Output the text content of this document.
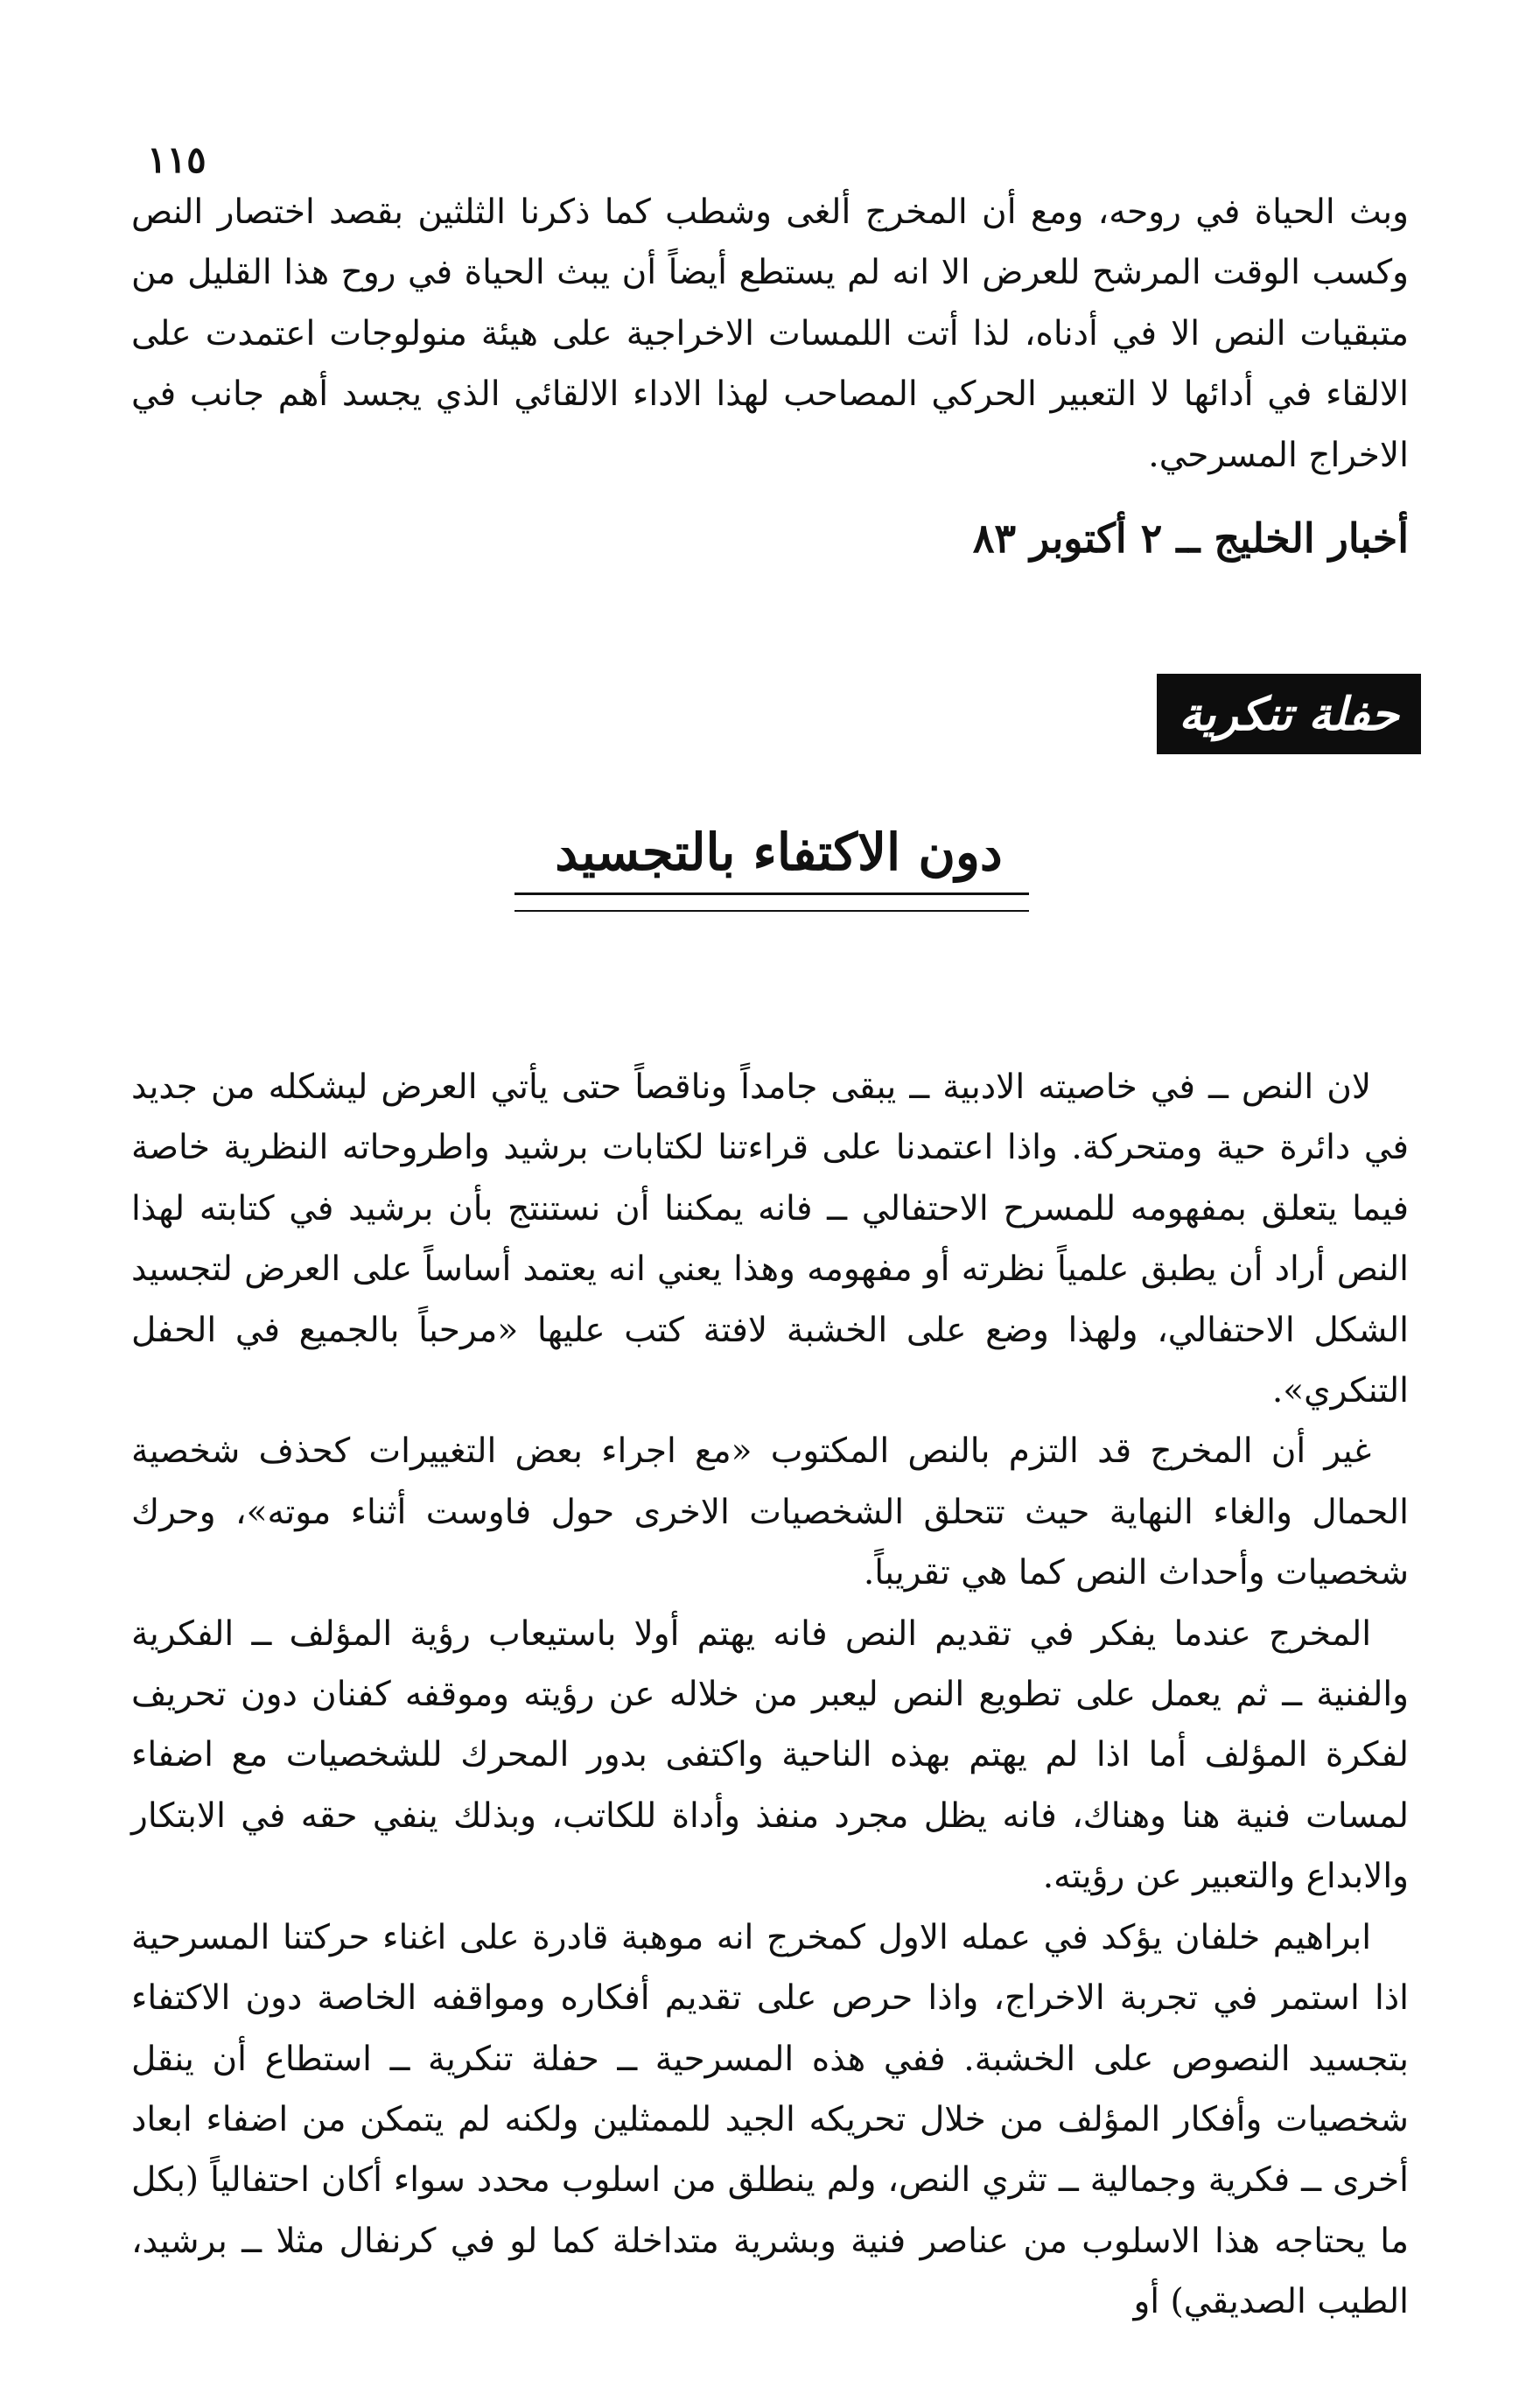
١١٥
وبث الحياة في روحه، ومع أن المخرج ألغى وشطب كما ذكرنا الثلثين بقصد اختصار النص وكسب الوقت المرشح للعرض الا انه لم يستطع أيضاً أن يبث الحياة في روح هذا القليل من متبقيات النص الا في أدناه، لذا أتت اللمسات الاخراجية على هيئة منولوجات اعتمدت على الالقاء في أدائها لا التعبير الحركي المصاحب لهذا الاداء الالقائي الذي يجسد أهم جانب في الاخراج المسرحي.
أخبار الخليج ــ ٢ أكتوبر ٨٣
حفلة تنكرية
دون الاكتفاء بالتجسيد

لان النص ــ في خاصيته الادبية ــ يبقى جامداً وناقصاً حتى يأتي العرض ليشكله من جديد في دائرة حية ومتحركة. واذا اعتمدنا على قراءتنا لكتابات برشيد واطروحاته النظرية خاصة فيما يتعلق بمفهومه للمسرح الاحتفالي ــ فانه يمكننا أن نستنتج بأن برشيد في كتابته لهذا النص أراد أن يطبق علمياً نظرته أو مفهومه وهذا يعني انه يعتمد أساساً على العرض لتجسيد الشكل الاحتفالي، ولهذا وضع على الخشبة لافتة كتب عليها «مرحباً بالجميع في الحفل التنكري».

غير أن المخرج قد التزم بالنص المكتوب «مع اجراء بعض التغييرات كحذف شخصية الحمال والغاء النهاية حيث تتحلق الشخصيات الاخرى حول فاوست أثناء موته»، وحرك شخصيات وأحداث النص كما هي تقريباً.

المخرج عندما يفكر في تقديم النص فانه يهتم أولا باستيعاب رؤية المؤلف ــ الفكرية والفنية ــ ثم يعمل على تطويع النص ليعبر من خلاله عن رؤيته وموقفه كفنان دون تحريف لفكرة المؤلف أما اذا لم يهتم بهذه الناحية واكتفى بدور المحرك للشخصيات مع اضفاء لمسات فنية هنا وهناك، فانه يظل مجرد منفذ وأداة للكاتب، وبذلك ينفي حقه في الابتكار والابداع والتعبير عن رؤيته.

ابراهيم خلفان يؤكد في عمله الاول كمخرج انه موهبة قادرة على اغناء حركتنا المسرحية اذا استمر في تجربة الاخراج، واذا حرص على تقديم أفكاره ومواقفه الخاصة دون الاكتفاء بتجسيد النصوص على الخشبة. ففي هذه المسرحية ــ حفلة تنكرية ــ استطاع أن ينقل شخصيات وأفكار المؤلف من خلال تحريكه الجيد للممثلين ولكنه لم يتمكن من اضفاء ابعاد أخرى ــ فكرية وجمالية ــ تثري النص، ولم ينطلق من اسلوب محدد سواء أكان احتفالياً (بكل ما يحتاجه هذا الاسلوب من عناصر فنية وبشرية متداخلة كما لو في كرنفال مثلا ــ برشيد، الطيب الصديقي) أو
